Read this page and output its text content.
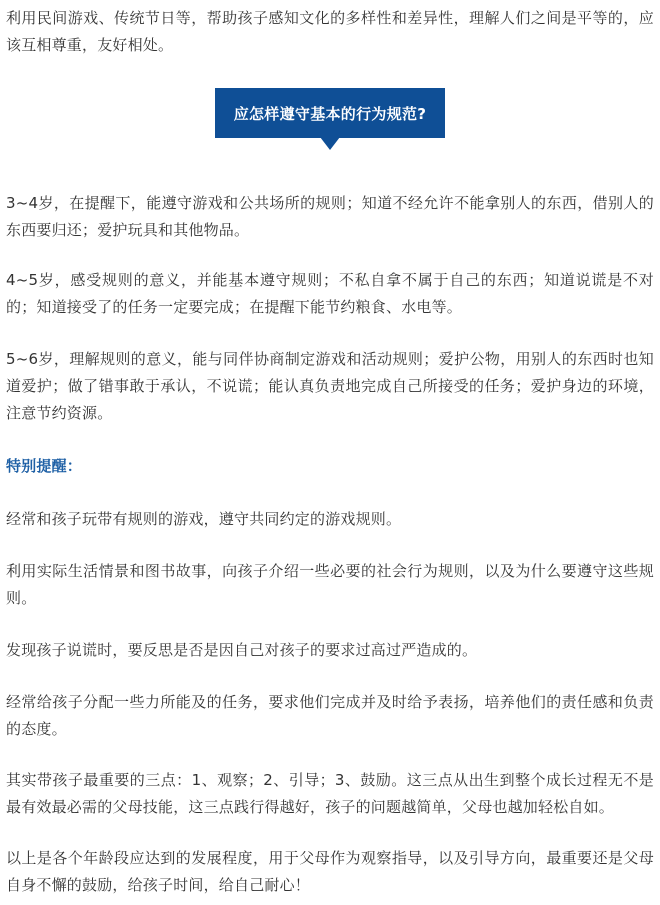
利用民间游戏、传统节日等，帮助孩子感知文化的多样性和差异性，理解人们之间是平等的，应该互相尊重，友好相处。

应怎样遵守基本的行为规范?

3~4岁，在提醒下，能遵守游戏和公共场所的规则；知道不经允许不能拿别人的东西，借别人的东西要归还；爱护玩具和其他物品。

4~5岁，感受规则的意义，并能基本遵守规则；不私自拿不属于自己的东西；知道说谎是不对的；知道接受了的任务一定要完成；在提醒下能节约粮食、水电等。

5~6岁，理解规则的意义，能与同伴协商制定游戏和活动规则；爱护公物，用别人的东西时也知道爱护；做了错事敢于承认，不说谎；能认真负责地完成自己所接受的任务；爱护身边的环境，注意节约资源。

特别提醒：

经常和孩子玩带有规则的游戏，遵守共同约定的游戏规则。

利用实际生活情景和图书故事，向孩子介绍一些必要的社会行为规则，以及为什么要遵守这些规则。

发现孩子说谎时，要反思是否是因自己对孩子的要求过高过严造成的。

经常给孩子分配一些力所能及的任务，要求他们完成并及时给予表扬，培养他们的责任感和负责的态度。

其实带孩子最重要的三点：1、观察；2、引导；3、鼓励。这三点从出生到整个成长过程无不是最有效最必需的父母技能，这三点践行得越好，孩子的问题越简单，父母也越加轻松自如。

以上是各个年龄段应达到的发展程度，用于父母作为观察指导，以及引导方向，最重要还是父母自身不懈的鼓励，给孩子时间，给自己耐心！
